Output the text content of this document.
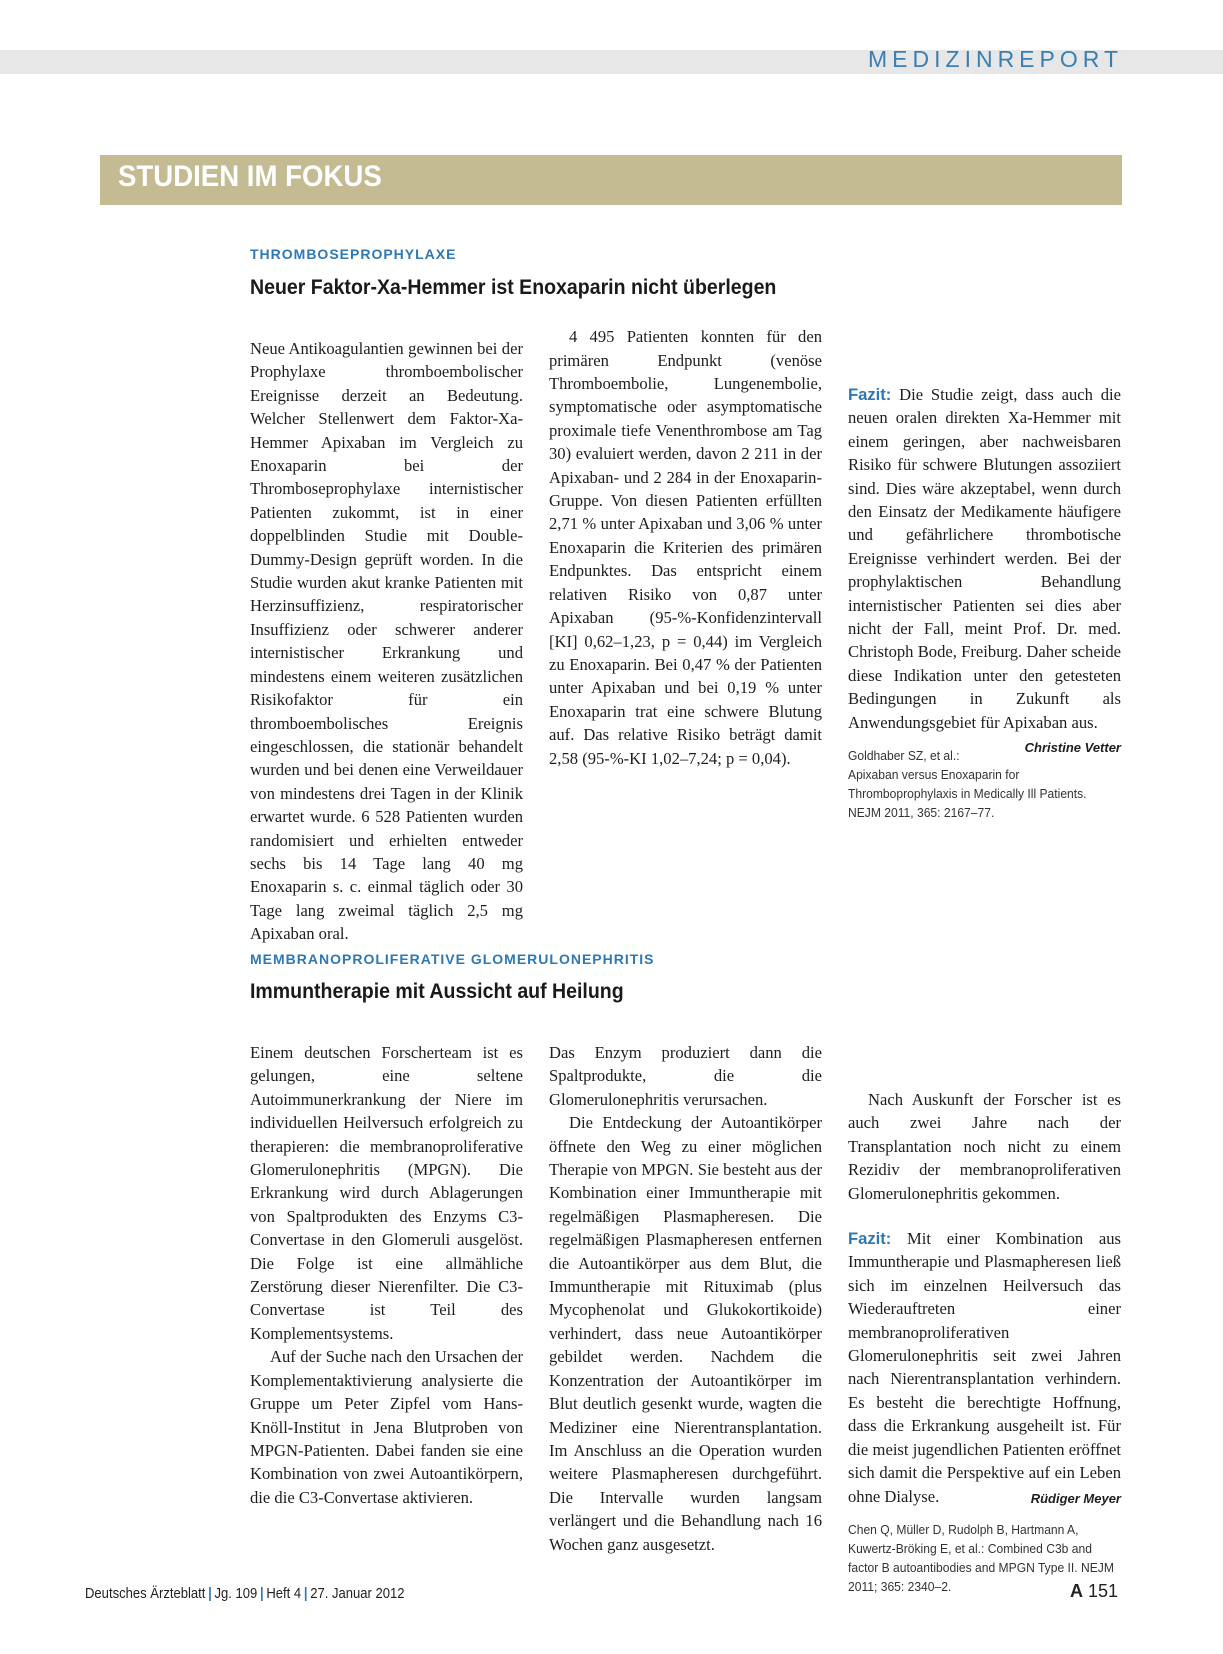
MEDIZINREPORT
STUDIEN IM FOKUS
THROMBOSEPROPHYLAXE
Neuer Faktor-Xa-Hemmer ist Enoxaparin nicht überlegen

Neue Antikoagulantien gewinnen bei der Prophylaxe thromboembolischer Ereignisse derzeit an Bedeutung. Welcher Stellenwert dem Faktor-Xa-Hemmer Apixaban im Vergleich zu Enoxaparin bei der Thromboseprophylaxe internistischer Patienten zukommt, ist in einer doppelblinden Studie mit Double-Dummy-Design geprüft worden. In die Studie wurden akut kranke Patienten mit Herzinsuffizienz, respiratorischer Insuffizienz oder schwerer anderer internistischer Erkrankung und mindestens einem weiteren zusätzlichen Risikofaktor für ein thromboembolisches Ereignis eingeschlossen, die stationär behandelt wurden und bei denen eine Verweildauer von mindestens drei Tagen in der Klinik erwartet wurde. 6 528 Patienten wurden randomisiert und erhielten entweder sechs bis 14 Tage lang 40 mg Enoxaparin s. c. einmal täglich oder 30 Tage lang zweimal täglich 2,5 mg Apixaban oral.

4 495 Patienten konnten für den primären Endpunkt (venöse Thromboembolie, Lungenembolie, symptomatische oder asymptomatische proximale tiefe Venenthrombose am Tag 30) evaluiert werden, davon 2 211 in der Apixaban- und 2 284 in der Enoxaparin-Gruppe. Von diesen Patienten erfüllten 2,71 % unter Apixaban und 3,06 % unter Enoxaparin die Kriterien des primären Endpunktes. Das entspricht einem relativen Risiko von 0,87 unter Apixaban (95-%-Konfidenzintervall [KI] 0,62–1,23, p = 0,44) im Vergleich zu Enoxaparin. Bei 0,47 % der Patienten unter Apixaban und bei 0,19 % unter Enoxaparin trat eine schwere Blutung auf. Das relative Risiko beträgt damit 2,58 (95-%-KI 1,02–7,24; p = 0,04).

Fazit: Die Studie zeigt, dass auch die neuen oralen direkten Xa-Hemmer mit einem geringen, aber nachweisbaren Risiko für schwere Blutungen assoziiert sind. Dies wäre akzeptabel, wenn durch den Einsatz der Medikamente häufigere und gefährlichere thrombotische Ereignisse verhindert werden. Bei der prophylaktischen Behandlung internistischer Patienten sei dies aber nicht der Fall, meint Prof. Dr. med. Christoph Bode, Freiburg. Daher scheide diese Indikation unter den getesteten Bedingungen in Zukunft als Anwendungsgebiet für Apixaban aus.
Christine Vetter

Goldhaber SZ, et al.: Apixaban versus Enoxaparin for Thromboprophylaxis in Medically Ill Patients. NEJM 2011, 365: 2167–77.
MEMBRANOPROLIFERATIVE GLOMERULONEPHRITIS
Immuntherapie mit Aussicht auf Heilung

Einem deutschen Forscherteam ist es gelungen, eine seltene Autoimmunerkrankung der Niere im individuellen Heilversuch erfolgreich zu therapieren: die membranoproliferative Glomerulonephritis (MPGN). Die Erkrankung wird durch Ablagerungen von Spaltprodukten des Enzyms C3-Convertase in den Glomeruli ausgelöst. Die Folge ist eine allmähliche Zerstörung dieser Nierenfilter. Die C3-Convertase ist Teil des Komplementsystems.

Auf der Suche nach den Ursachen der Komplementaktivierung analysierte die Gruppe um Peter Zipfel vom Hans-Knöll-Institut in Jena Blutproben von MPGN-Patienten. Dabei fanden sie eine Kombination von zwei Autoantikörpern, die die C3-Convertase aktivieren.

Das Enzym produziert dann die Spaltprodukte, die die Glomerulonephritis verursachen.

Die Entdeckung der Autoantikörper öffnete den Weg zu einer möglichen Therapie von MPGN. Sie besteht aus der Kombination einer Immuntherapie mit regelmäßigen Plasmapheresen. Die regelmäßigen Plasmapheresen entfernen die Autoantikörper aus dem Blut, die Immuntherapie mit Rituximab (plus Mycophenolat und Glukokortikoide) verhindert, dass neue Autoantikörper gebildet werden. Nachdem die Konzentration der Autoantikörper im Blut deutlich gesenkt wurde, wagten die Mediziner eine Nierentransplantation. Im Anschluss an die Operation wurden weitere Plasmapheresen durchgeführt. Die Intervalle wurden langsam verlängert und die Behandlung nach 16 Wochen ganz ausgesetzt.

Nach Auskunft der Forscher ist es auch zwei Jahre nach der Transplantation noch nicht zu einem Rezidiv der membranoproliferativen Glomerulonephritis gekommen.

Fazit: Mit einer Kombination aus Immuntherapie und Plasmapheresen ließ sich im einzelnen Heilversuch das Wiederauftreten einer membranoproliferativen Glomerulonephritis seit zwei Jahren nach Nierentransplantation verhindern. Es besteht die berechtigte Hoffnung, dass die Erkrankung ausgeheilt ist. Für die meist jugendlichen Patienten eröffnet sich damit die Perspektive auf ein Leben ohne Dialyse.	Rüdiger Meyer

Chen Q, Müller D, Rudolph B, Hartmann A, Kuwertz-Bröking E, et al.: Combined C3b and factor B autoantibodies and MPGN Type II. NEJM 2011; 365: 2340–2.
Deutsches Ärzteblatt | Jg. 109 | Heft 4 | 27. Januar 2012	A 151
